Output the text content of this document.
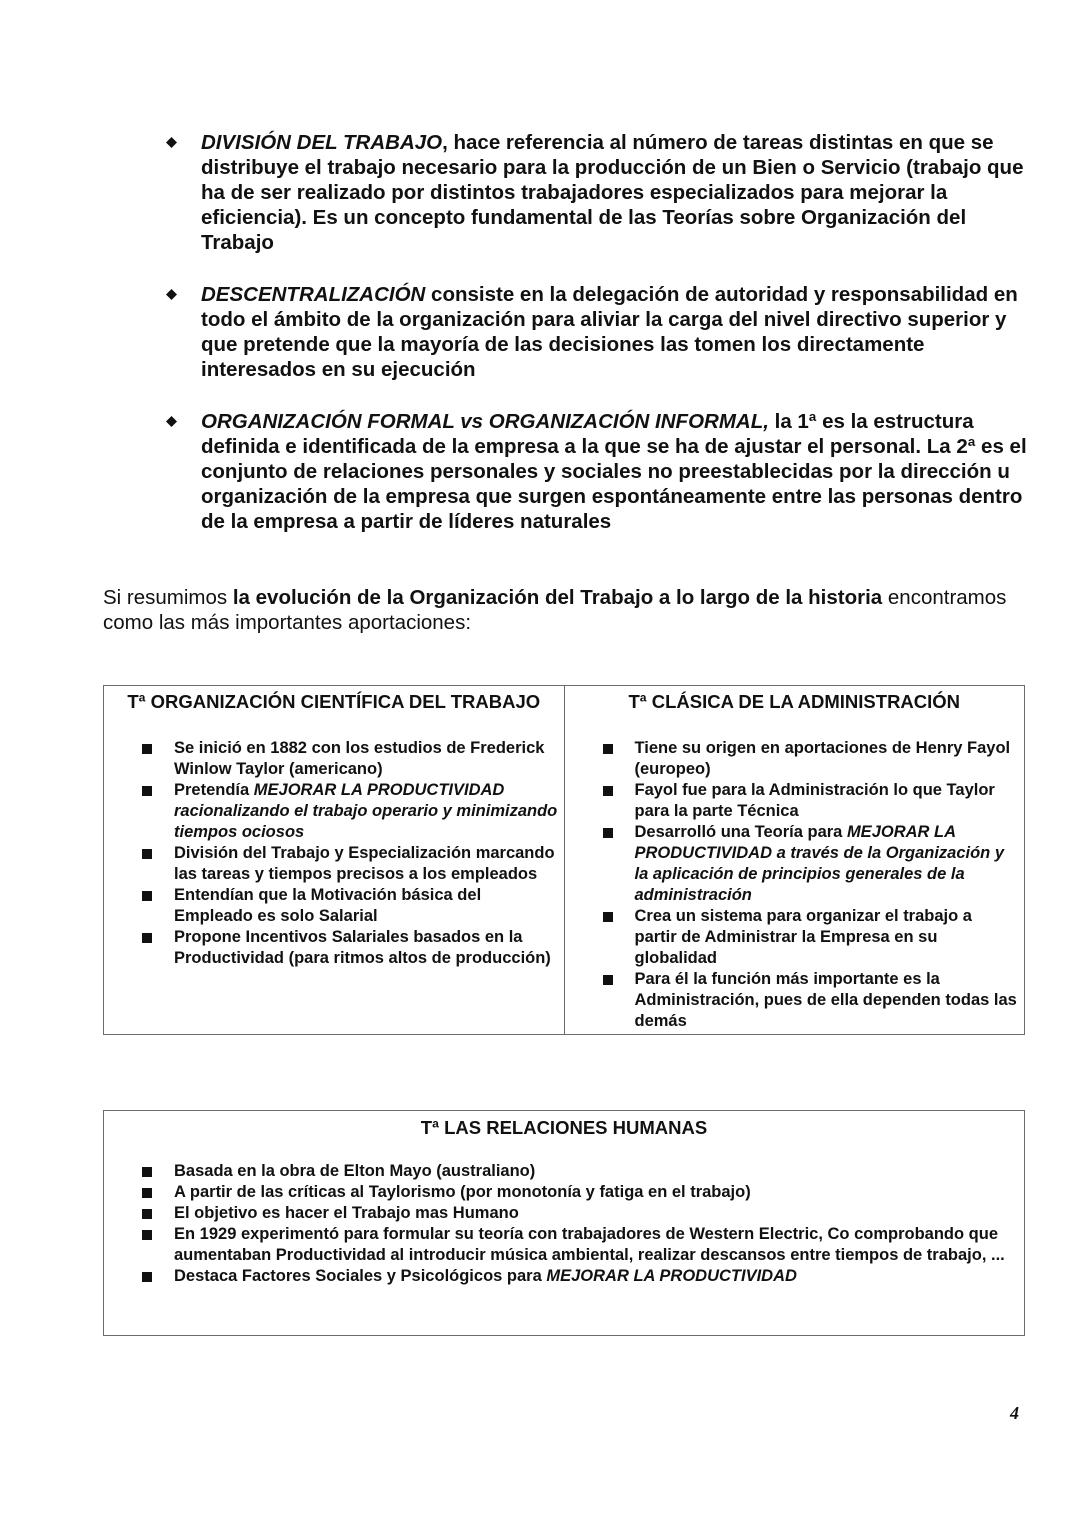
DIVISIÓN DEL TRABAJO, hace referencia al número de tareas distintas en que se distribuye el trabajo necesario para la producción de un Bien o Servicio (trabajo que ha de ser realizado por distintos trabajadores especializados para mejorar la eficiencia). Es un concepto fundamental de las Teorías sobre Organización del Trabajo
DESCENTRALIZACIÓN consiste en la delegación de autoridad y responsabilidad en todo el ámbito de la organización para aliviar la carga del nivel directivo superior y que pretende que la mayoría de las decisiones las tomen los directamente interesados en su ejecución
ORGANIZACIÓN FORMAL vs ORGANIZACIÓN INFORMAL, la 1ª es la estructura definida e identificada de la empresa a la que se ha de ajustar el personal. La 2ª es el conjunto de relaciones personales y sociales no preestablecidas por la dirección u organización de la empresa que surgen espontáneamente entre las personas dentro de la empresa a partir de líderes naturales
Si resumimos la evolución de la Organización del Trabajo a lo largo de la historia encontramos como las más importantes aportaciones:
Tª ORGANIZACIÓN CIENTÍFICA DEL TRABAJO
Se inició en 1882 con los estudios de Frederick Winlow Taylor (americano)
Pretendía MEJORAR LA PRODUCTIVIDAD racionalizando el trabajo operario y minimizando tiempos ociosos
División del Trabajo y Especialización marcando las tareas y tiempos precisos a los empleados
Entendían que la Motivación básica del Empleado es solo Salarial
Propone Incentivos Salariales basados en la Productividad (para ritmos altos de producción)
Tª CLÁSICA DE LA ADMINISTRACIÓN
Tiene su origen en aportaciones de Henry Fayol (europeo)
Fayol fue para la Administración lo que Taylor para la parte Técnica
Desarrolló una Teoría para MEJORAR LA PRODUCTIVIDAD a través de la Organización y la aplicación de principios generales de la administración
Crea un sistema para organizar el trabajo a partir de Administrar la Empresa en su globalidad
Para él la función más importante es la Administración, pues de ella dependen todas las demás
Tª LAS RELACIONES HUMANAS
Basada en la obra de Elton Mayo (australiano)
A partir de las críticas al Taylorismo (por monotonía y fatiga en el trabajo)
El objetivo es hacer el Trabajo mas Humano
En 1929 experimentó para formular su teoría con trabajadores de Western Electric, Co comprobando que aumentaban Productividad al introducir música ambiental, realizar descansos entre tiempos de trabajo, ...
Destaca Factores Sociales y Psicológicos para MEJORAR LA PRODUCTIVIDAD
4
